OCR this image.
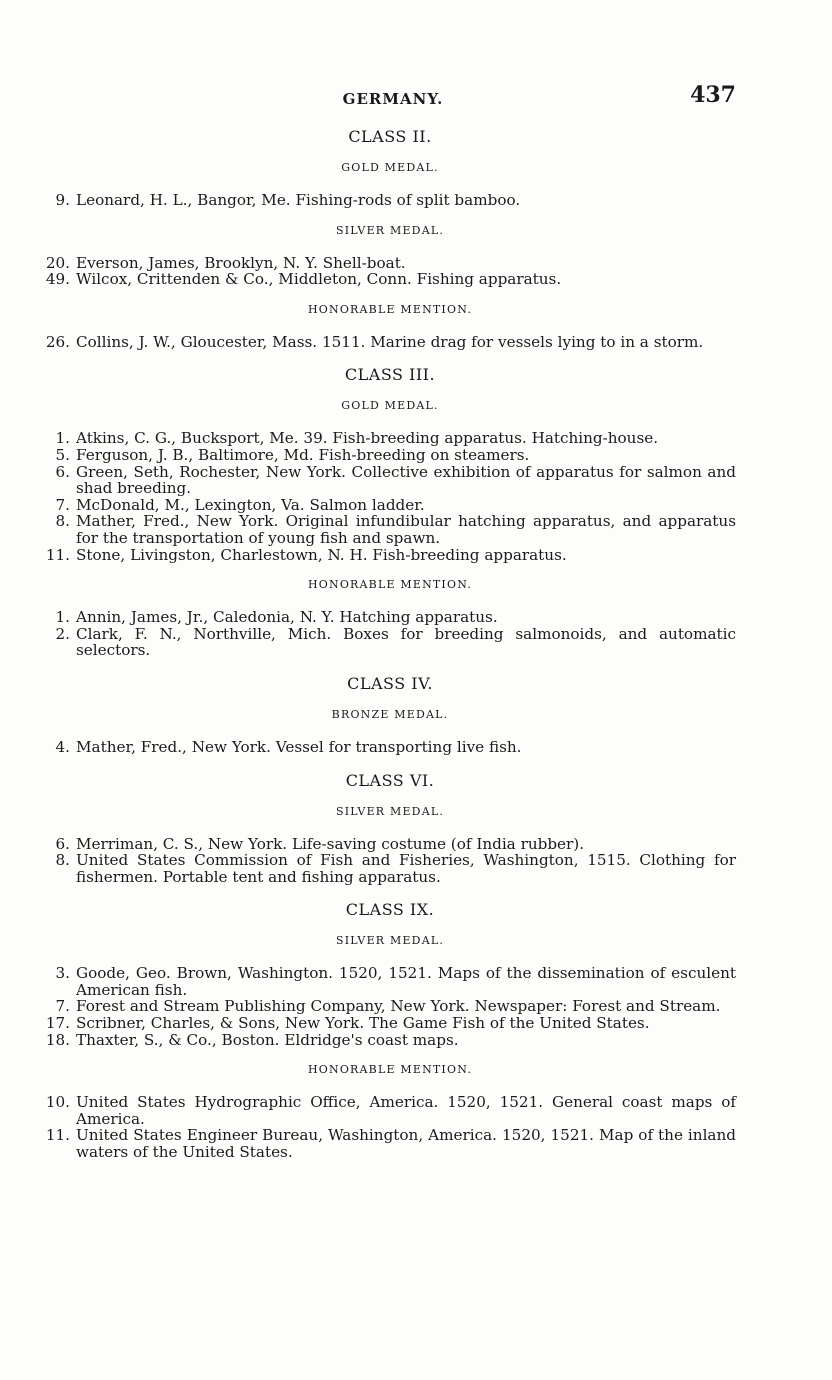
GERMANY.	437
CLASS II.
GOLD MEDAL.
9. Leonard, H. L., Bangor, Me. Fishing-rods of split bamboo.
SILVER MEDAL.
20. Everson, James, Brooklyn, N. Y. Shell-boat.
49. Wilcox, Crittenden & Co., Middleton, Conn. Fishing apparatus.
HONORABLE MENTION.
26. Collins, J. W., Gloucester, Mass. 1511. Marine drag for vessels lying to in a storm.
CLASS III.
GOLD MEDAL.
1. Atkins, C. G., Bucksport, Me. 39. Fish-breeding apparatus. Hatching-house.
5. Ferguson, J. B., Baltimore, Md. Fish-breeding on steamers.
6. Green, Seth, Rochester, New York. Collective exhibition of apparatus for salmon and shad breeding.
7. McDonald, M., Lexington, Va. Salmon ladder.
8. Mather, Fred., New York. Original infundibular hatching apparatus, and apparatus for the transportation of young fish and spawn.
11. Stone, Livingston, Charlestown, N. H. Fish-breeding apparatus.
HONORABLE MENTION.
1. Annin, James, Jr., Caledonia, N. Y. Hatching apparatus.
2. Clark, F. N., Northville, Mich. Boxes for breeding salmonoids, and automatic selectors.
CLASS IV.
BRONZE MEDAL.
4. Mather, Fred., New York. Vessel for transporting live fish.
CLASS VI.
SILVER MEDAL.
6. Merriman, C. S., New York. Life-saving costume (of India rubber).
8. United States Commission of Fish and Fisheries, Washington, 1515. Clothing for fishermen. Portable tent and fishing apparatus.
CLASS IX.
SILVER MEDAL.
3. Goode, Geo. Brown, Washington. 1520, 1521. Maps of the dissemination of esculent American fish.
7. Forest and Stream Publishing Company, New York. Newspaper: Forest and Stream.
17. Scribner, Charles, & Sons, New York. The Game Fish of the United States.
18. Thaxter, S., & Co., Boston. Eldridge's coast maps.
HONORABLE MENTION.
10. United States Hydrographic Office, America. 1520, 1521. General coast maps of America.
11. United States Engineer Bureau, Washington, America. 1520, 1521. Map of the inland waters of the United States.
